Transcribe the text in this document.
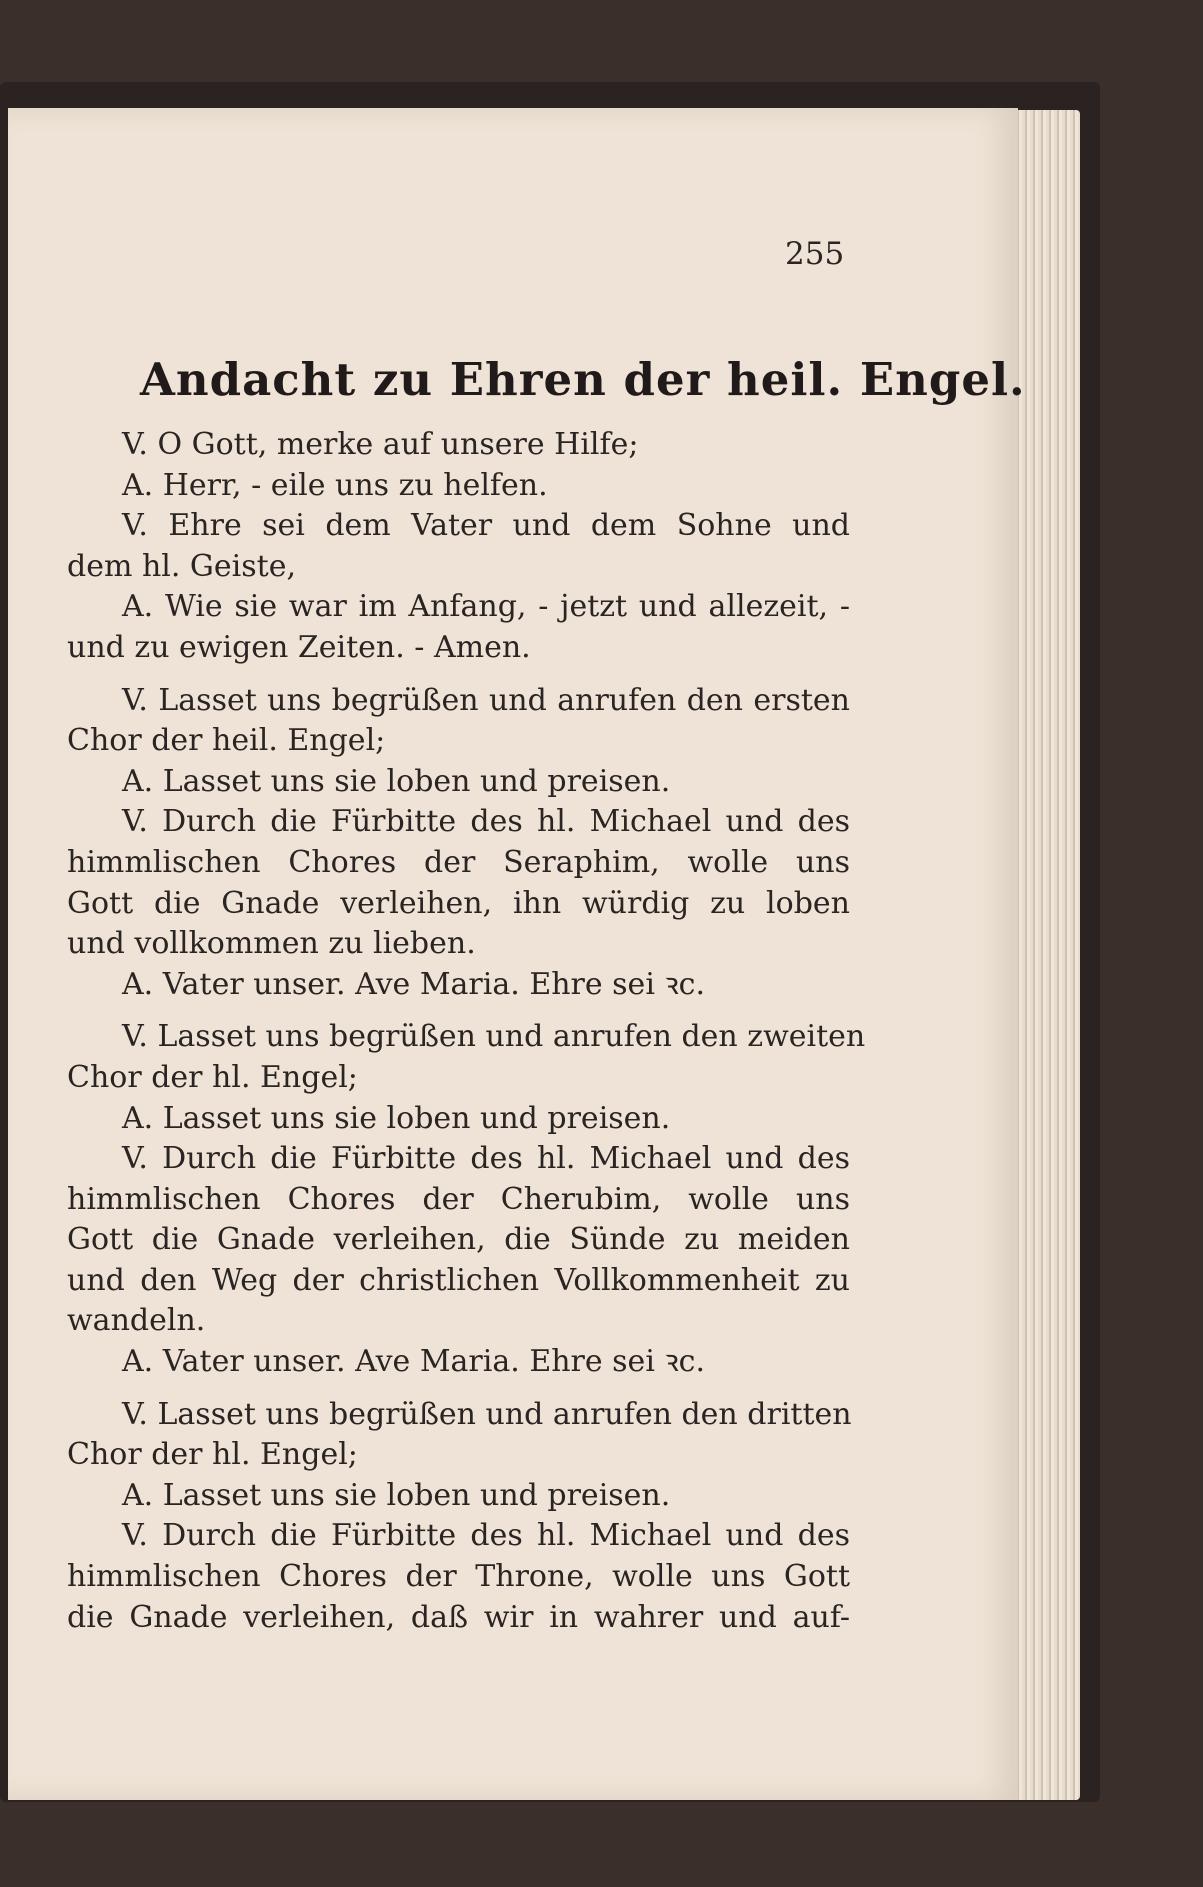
255
Andacht zu Ehren der heil. Engel.
V. O Gott, merke auf unsere Hilfe;
A. Herr, - eile uns zu helfen.
V. Ehre sei dem Vater und dem Sohne und
dem hl. Geiste,
A. Wie sie war im Anfang, - jetzt und allezeit, -
und zu ewigen Zeiten. - Amen.
V. Lasset uns begrüßen und anrufen den ersten
Chor der heil. Engel;
A. Lasset uns sie loben und preisen.
V. Durch die Fürbitte des hl. Michael und des
himmlischen Chores der Seraphim, wolle uns
Gott die Gnade verleihen, ihn würdig zu loben
und vollkommen zu lieben.
A. Vater unser. Ave Maria. Ehre sei ꝛc.
V. Lasset uns begrüßen und anrufen den zweiten
Chor der hl. Engel;
A. Lasset uns sie loben und preisen.
V. Durch die Fürbitte des hl. Michael und des
himmlischen Chores der Cherubim, wolle uns
Gott die Gnade verleihen, die Sünde zu meiden
und den Weg der christlichen Vollkommenheit zu
wandeln.
A. Vater unser. Ave Maria. Ehre sei ꝛc.
V. Lasset uns begrüßen und anrufen den dritten
Chor der hl. Engel;
A. Lasset uns sie loben und preisen.
V. Durch die Fürbitte des hl. Michael und des
himmlischen Chores der Throne, wolle uns Gott
die Gnade verleihen, daß wir in wahrer und auf-
